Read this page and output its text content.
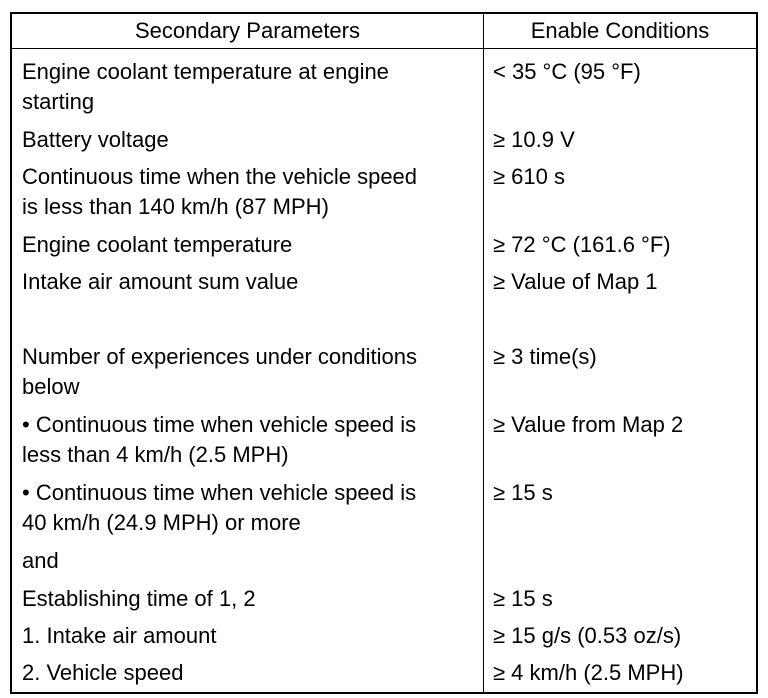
Secondary Parameters	Enable Conditions
Engine coolant temperature at engine
starting
Battery voltage
Continuous time when the vehicle speed
is less than 140 km/h (87 MPH)
Engine coolant temperature
Intake air amount sum value
Number of experiences under conditions
below
• Continuous time when vehicle speed is
less than 4 km/h (2.5 MPH)
• Continuous time when vehicle speed is
40 km/h (24.9 MPH) or more
and
Establishing time of 1, 2
1. Intake air amount
2. Vehicle speed
< 35 °C (95 °F)
≥ 10.9 V
≥ 610 s
≥ 72 °C (161.6 °F)
≥ Value of Map 1
≥ 3 time(s)
≥ Value from Map 2
≥ 15 s
≥ 15 s
≥ 15 g/s (0.53 oz/s)
≥ 4 km/h (2.5 MPH)
